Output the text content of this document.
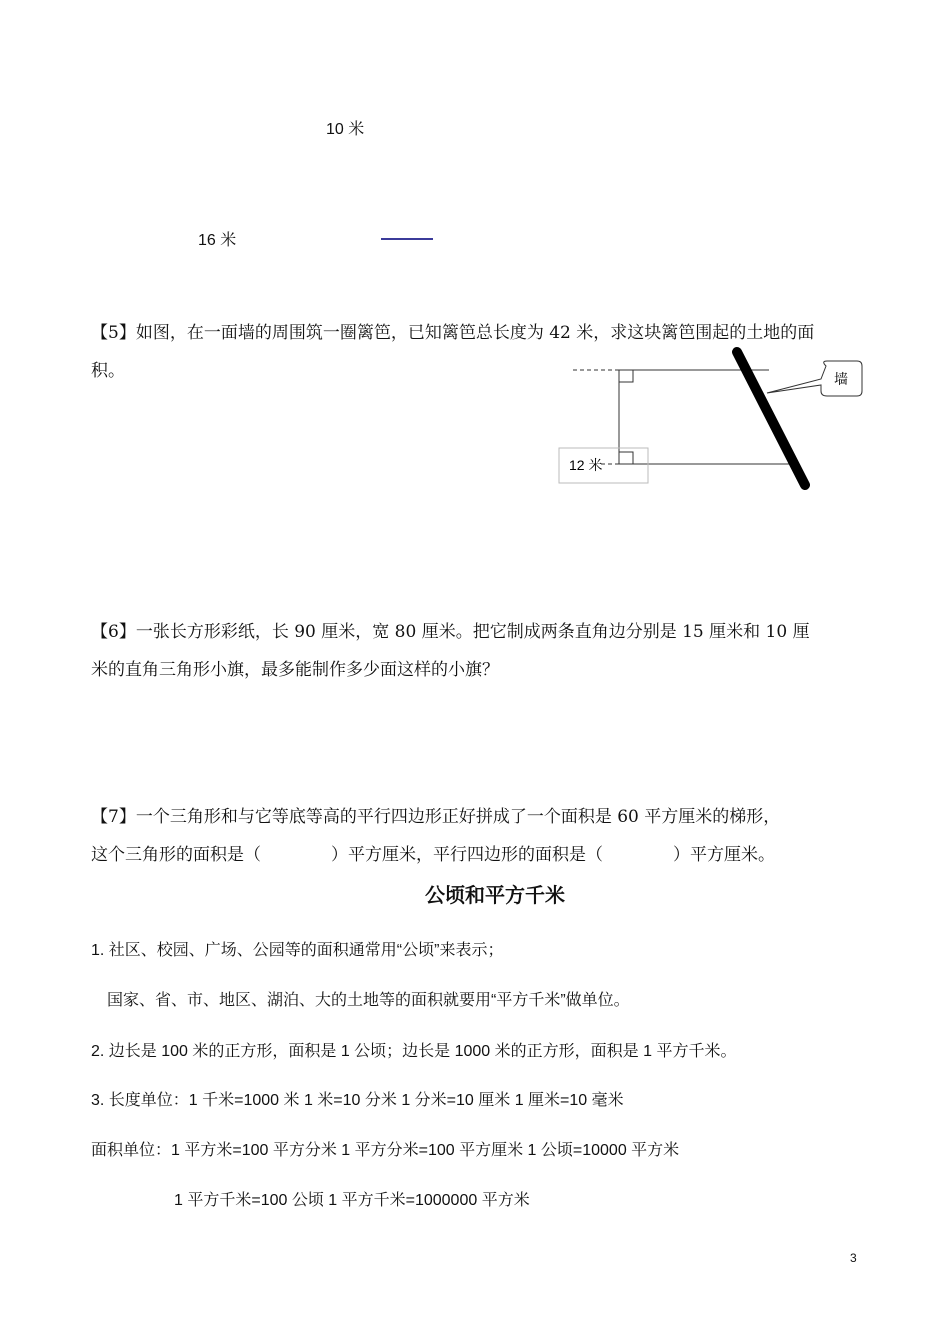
10 米
16 米
【5】如图，在一面墙的周围筑一圈篱笆，已知篱笆总长度为 42 米，求这块篱笆围起的土地的面
积。	墙
12 米
【6】一张长方形彩纸，长 90 厘米，宽 80 厘米。把它制成两条直角边分别是 15 厘米和 10 厘
米的直角三角形小旗，最多能制作多少面这样的小旗？
【7】一个三角形和与它等底等高的平行四边形正好拼成了一个面积是 60 平方厘米的梯形，
这个三角形的面积是（	）平方厘米，平行四边形的面积是（	）平方厘米。
公顷和平方千米
1. 社区、校园、广场、公园等的面积通常用“公顷”来表示；
国家、省、市、地区、湖泊、大的土地等的面积就要用“平方千米”做单位。
2. 边长是 100 米的正方形，面积是 1 公顷；边长是 1000 米的正方形，面积是 1 平方千米。
3. 长度单位：1 千米=1000 米 1 米=10 分米 1 分米=10 厘米 1 厘米=10 毫米
面积单位：1 平方米=100 平方分米 1 平方分米=100 平方厘米 1 公顷=10000 平方米
1 平方千米=100 公顷 1 平方千米=1000000 平方米
3
